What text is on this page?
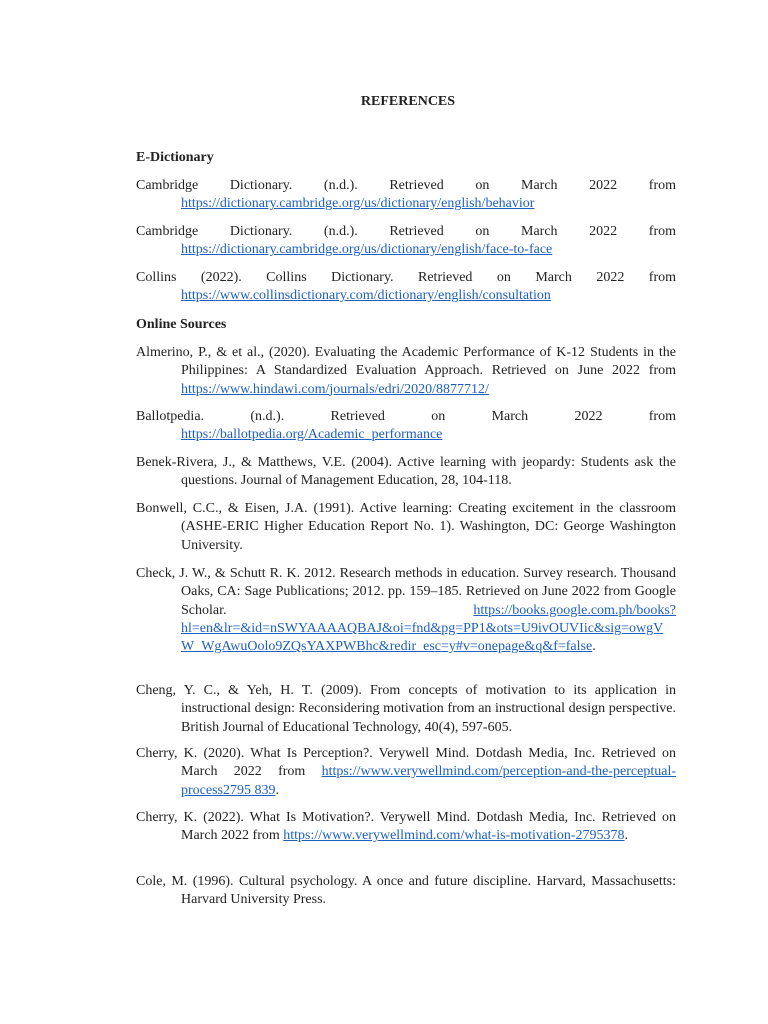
REFERENCES
E-Dictionary
Cambridge Dictionary. (n.d.). Retrieved on March 2022 from https://dictionary.cambridge.org/us/dictionary/english/behavior
Cambridge Dictionary. (n.d.). Retrieved on March 2022 from https://dictionary.cambridge.org/us/dictionary/english/face-to-face
Collins (2022). Collins Dictionary. Retrieved on March 2022 from https://www.collinsdictionary.com/dictionary/english/consultation
Online Sources
Almerino, P., & et al., (2020). Evaluating the Academic Performance of K-12 Students in the Philippines: A Standardized Evaluation Approach. Retrieved on June 2022 from https://www.hindawi.com/journals/edri/2020/8877712/
Ballotpedia. (n.d.). Retrieved on March 2022 from https://ballotpedia.org/Academic_performance
Benek-Rivera, J., & Matthews, V.E. (2004). Active learning with jeopardy: Students ask the questions. Journal of Management Education, 28, 104-118.
Bonwell, C.C., & Eisen, J.A. (1991). Active learning: Creating excitement in the classroom (ASHE-ERIC Higher Education Report No. 1). Washington, DC: George Washington University.
Check, J. W., & Schutt R. K. 2012. Research methods in education. Survey research. Thousand Oaks, CA: Sage Publications; 2012. pp. 159–185. Retrieved on June 2022 from Google Scholar. https://books.google.com.ph/books?hl=en&lr=&id=nSWYAAAAQBAJ&oi=fnd&pg=PP1&ots=U9ivOUVIic&sig=owgVW_WgAwuOolo9ZQsYAXPWBhc&redir_esc=y#v=onepage&q&f=false.
Cheng, Y. C., & Yeh, H. T. (2009). From concepts of motivation to its application in instructional design: Reconsidering motivation from an instructional design perspective. British Journal of Educational Technology, 40(4), 597-605.
Cherry, K. (2020). What Is Perception?. Verywell Mind. Dotdash Media, Inc. Retrieved on March 2022 from https://www.verywellmind.com/perception-and-the-perceptual-process2795 839.
Cherry, K. (2022). What Is Motivation?. Verywell Mind. Dotdash Media, Inc. Retrieved on March 2022 from https://www.verywellmind.com/what-is-motivation-2795378.
Cole, M. (1996). Cultural psychology. A once and future discipline. Harvard, Massachusetts: Harvard University Press.
